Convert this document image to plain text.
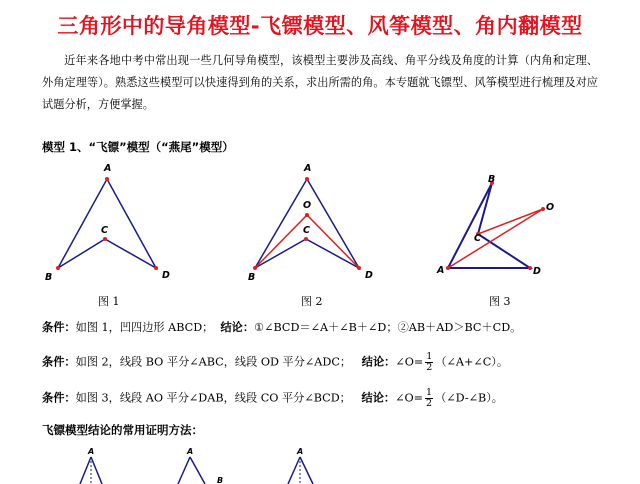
三角形中的导角模型-飞镖模型、风筝模型、角内翻模型
近年来各地中考中常出现一些几何导角模型，该模型主要涉及高线、角平分线及角度的计算（内角和定理、外角定理等）。熟悉这些模型可以快速得到角的关系，求出所需的角。本专题就飞镖型、风筝模型进行梳理及对应试题分析，方便掌握。
模型 1、“飞镖”模型（“燕尾”模型）
A
B
C
D
A
O
C
B	D
B
O
C
A	D
图 1	图 2	图 3
条件：如图 1，凹四边形 ABCD； 结论：①∠BCD＝∠A＋∠B＋∠D；②AB＋AD＞BC＋CD。
条件：如图 2，线段 BO 平分∠ABC，线段 OD 平分∠ADC； 结论：∠O= $\frac{1}{2}$ （∠A+∠C）。
条件：如图 3，线段 AO 平分∠DAB，线段 CO 平分∠BCD； 结论：∠O= $\frac{1}{2}$ （∠D-∠B）。
飞镖模型结论的常用证明方法：
A	A	A
B
